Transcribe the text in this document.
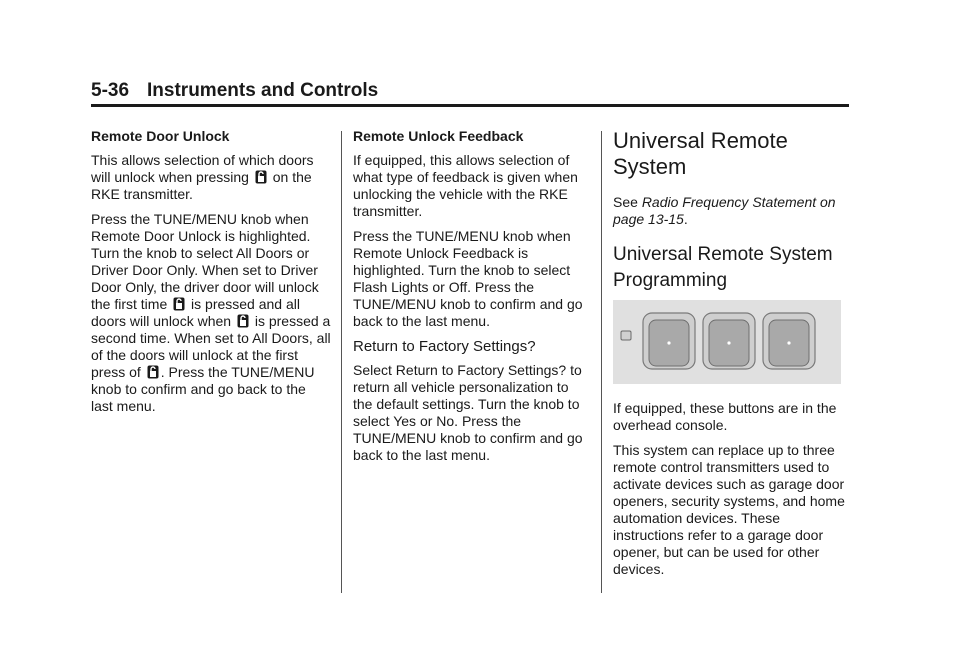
5-36 Instruments and Controls

Remote Door Unlock

This allows selection of which doors will unlock when pressing on the RKE transmitter.

Press the TUNE/MENU knob when Remote Door Unlock is highlighted. Turn the knob to select All Doors or Driver Door Only. When set to Driver Door Only, the driver door will unlock the first time is pressed and all doors will unlock when is pressed a second time. When set to All Doors, all of the doors will unlock at the first press of . Press the TUNE/MENU knob to confirm and go back to the last menu.

Remote Unlock Feedback

If equipped, this allows selection of what type of feedback is given when unlocking the vehicle with the RKE transmitter.

Press the TUNE/MENU knob when Remote Unlock Feedback is highlighted. Turn the knob to select Flash Lights or Off. Press the TUNE/MENU knob to confirm and go back to the last menu.

Return to Factory Settings?

Select Return to Factory Settings? to return all vehicle personalization to the default settings. Turn the knob to select Yes or No. Press the TUNE/MENU knob to confirm and go back to the last menu.

Universal Remote
System

See Radio Frequency Statement on page 13-15.

Universal Remote System
Programming

If equipped, these buttons are in the overhead console.

This system can replace up to three remote control transmitters used to activate devices such as garage door openers, security systems, and home automation devices. These instructions refer to a garage door opener, but can be used for other devices.
